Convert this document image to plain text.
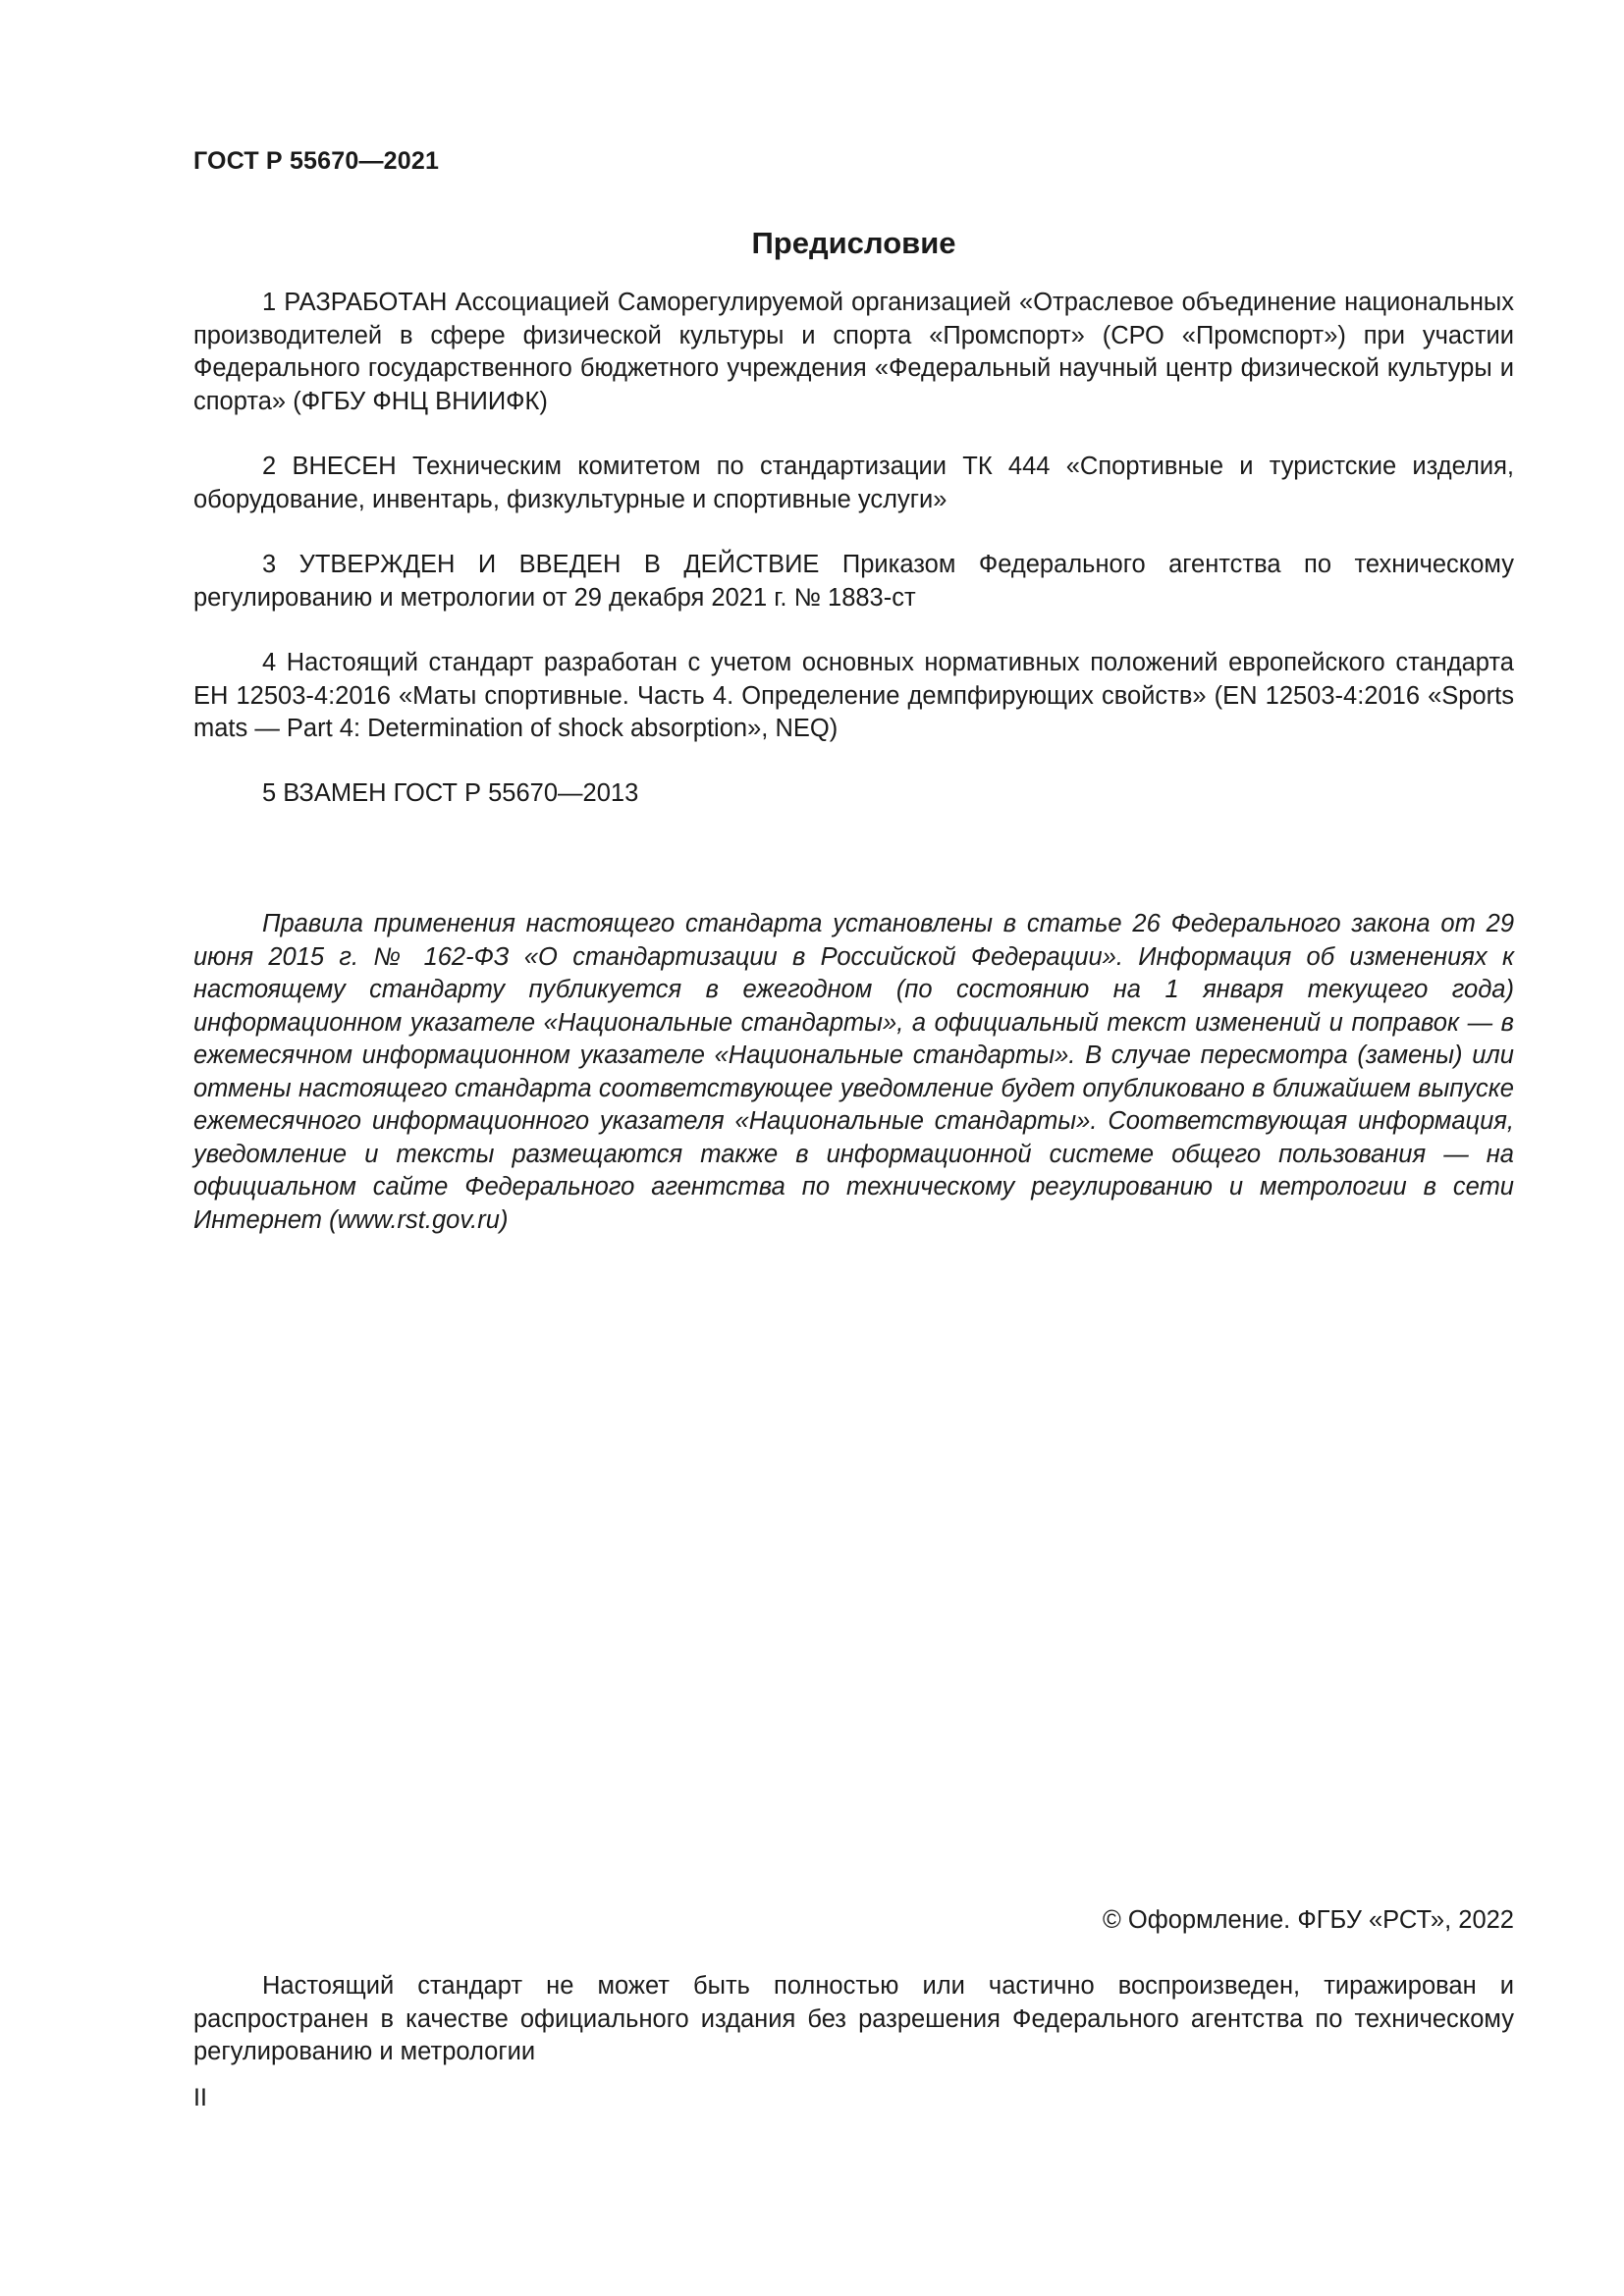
ГОСТ Р 55670—2021
Предисловие

1 РАЗРАБОТАН Ассоциацией Саморегулируемой организацией «Отраслевое объединение национальных производителей в сфере физической культуры и спорта «Промспорт» (СРО «Промспорт») при участии Федерального государственного бюджетного учреждения «Федеральный научный центр физической культуры и спорта» (ФГБУ ФНЦ ВНИИФК)

2 ВНЕСЕН Техническим комитетом по стандартизации ТК 444 «Спортивные и туристские изделия, оборудование, инвентарь, физкультурные и спортивные услуги»

3 УТВЕРЖДЕН И ВВЕДЕН В ДЕЙСТВИЕ Приказом Федерального агентства по техническому регулированию и метрологии от 29 декабря 2021 г. № 1883-ст

4 Настоящий стандарт разработан с учетом основных нормативных положений европейского стандарта ЕН 12503-4:2016 «Маты спортивные. Часть 4. Определение демпфирующих свойств» (EN 12503-4:2016 «Sports mats — Part 4: Determination of shock absorption», NEQ)

5 ВЗАМЕН ГОСТ Р 55670—2013

Правила применения настоящего стандарта установлены в статье 26 Федерального закона от 29 июня 2015 г. № 162-ФЗ «О стандартизации в Российской Федерации». Информация об изменениях к настоящему стандарту публикуется в ежегодном (по состоянию на 1 января текущего года) информационном указателе «Национальные стандарты», а официальный текст изменений и поправок — в ежемесячном информационном указателе «Национальные стандарты». В случае пересмотра (замены) или отмены настоящего стандарта соответствующее уведомление будет опубликовано в ближайшем выпуске ежемесячного информационного указателя «Национальные стандарты». Соответствующая информация, уведомление и тексты размещаются также в информационной системе общего пользования — на официальном сайте Федерального агентства по техническому регулированию и метрологии в сети Интернет (www.rst.gov.ru)

© Оформление. ФГБУ «РСТ», 2022

Настоящий стандарт не может быть полностью или частично воспроизведен, тиражирован и распространен в качестве официального издания без разрешения Федерального агентства по техническому регулированию и метрологии

II
